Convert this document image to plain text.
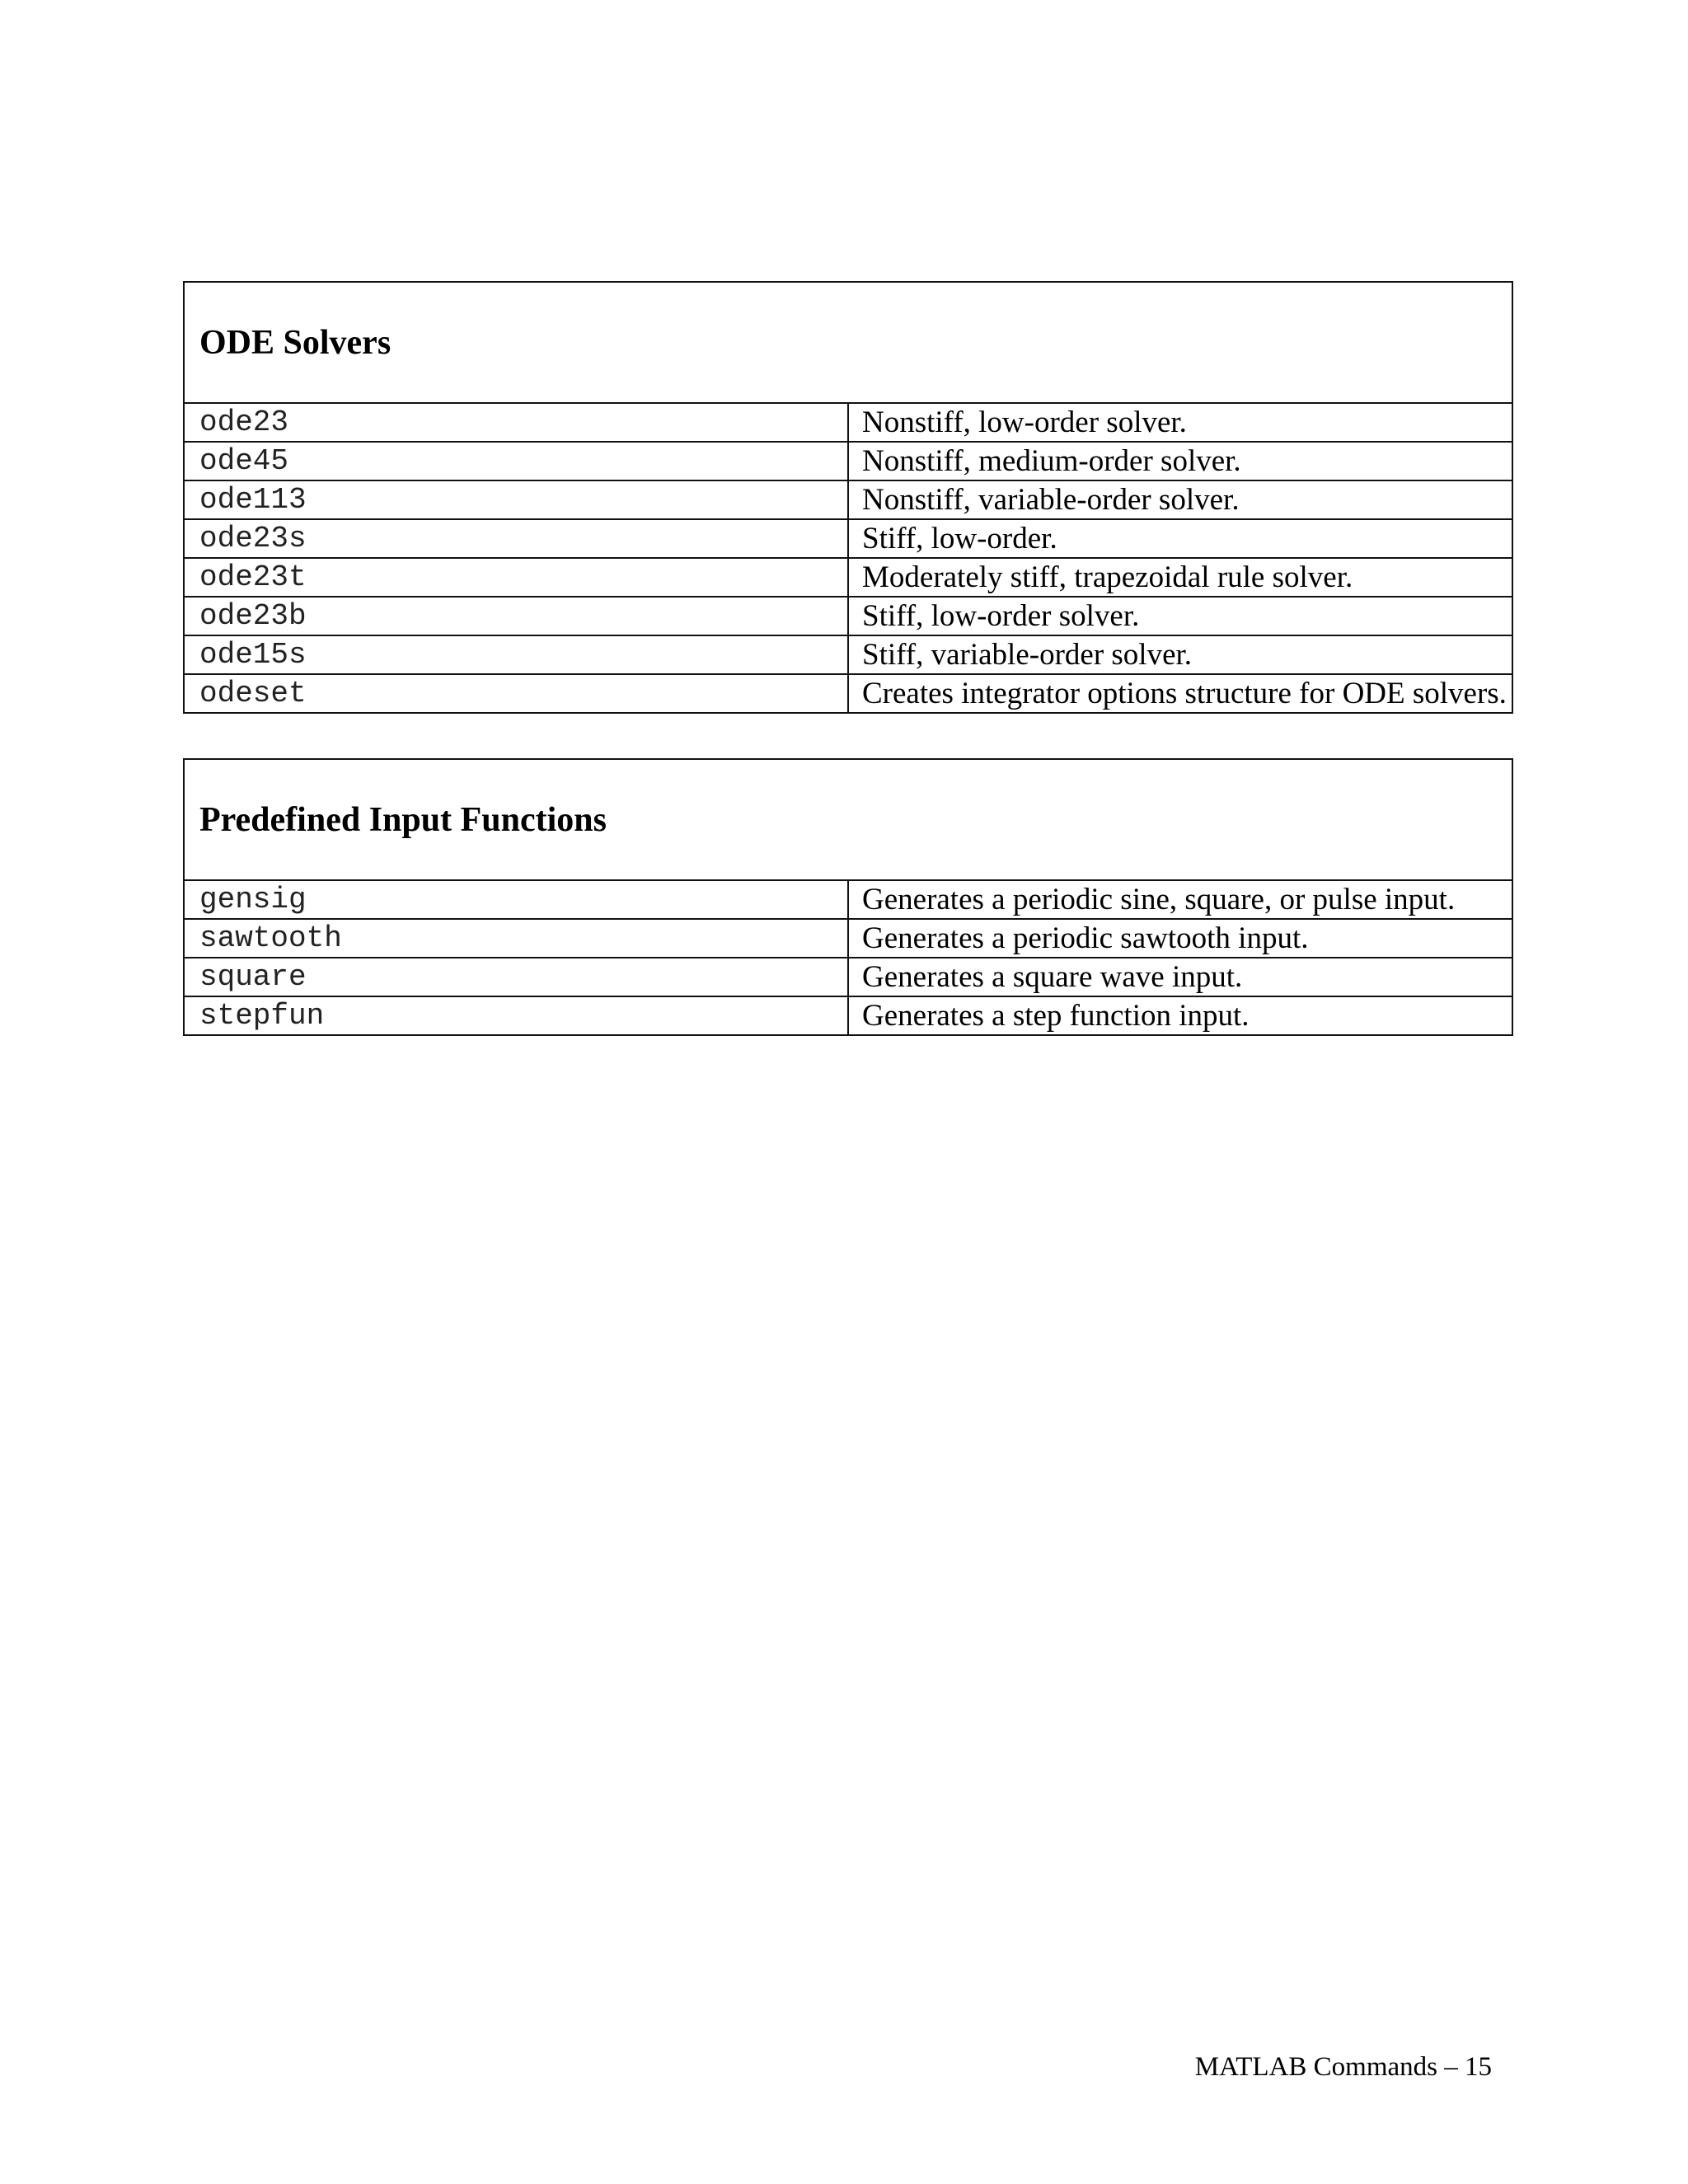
ODE Solvers	
ode23	Nonstiff, low-order solver.
ode45	Nonstiff, medium-order solver.
ode113	Nonstiff, variable-order solver.
ode23s	Stiff, low-order.
ode23t	Moderately stiff, trapezoidal rule solver.
ode23b	Stiff, low-order solver.
ode15s	Stiff, variable-order solver.
odeset	Creates integrator options structure for ODE solvers.
Predefined Input Functions	
gensig	Generates a periodic sine, square, or pulse input.
sawtooth	Generates a periodic sawtooth input.
square	Generates a square wave input.
stepfun	Generates a step function input.
MATLAB Commands – 15
